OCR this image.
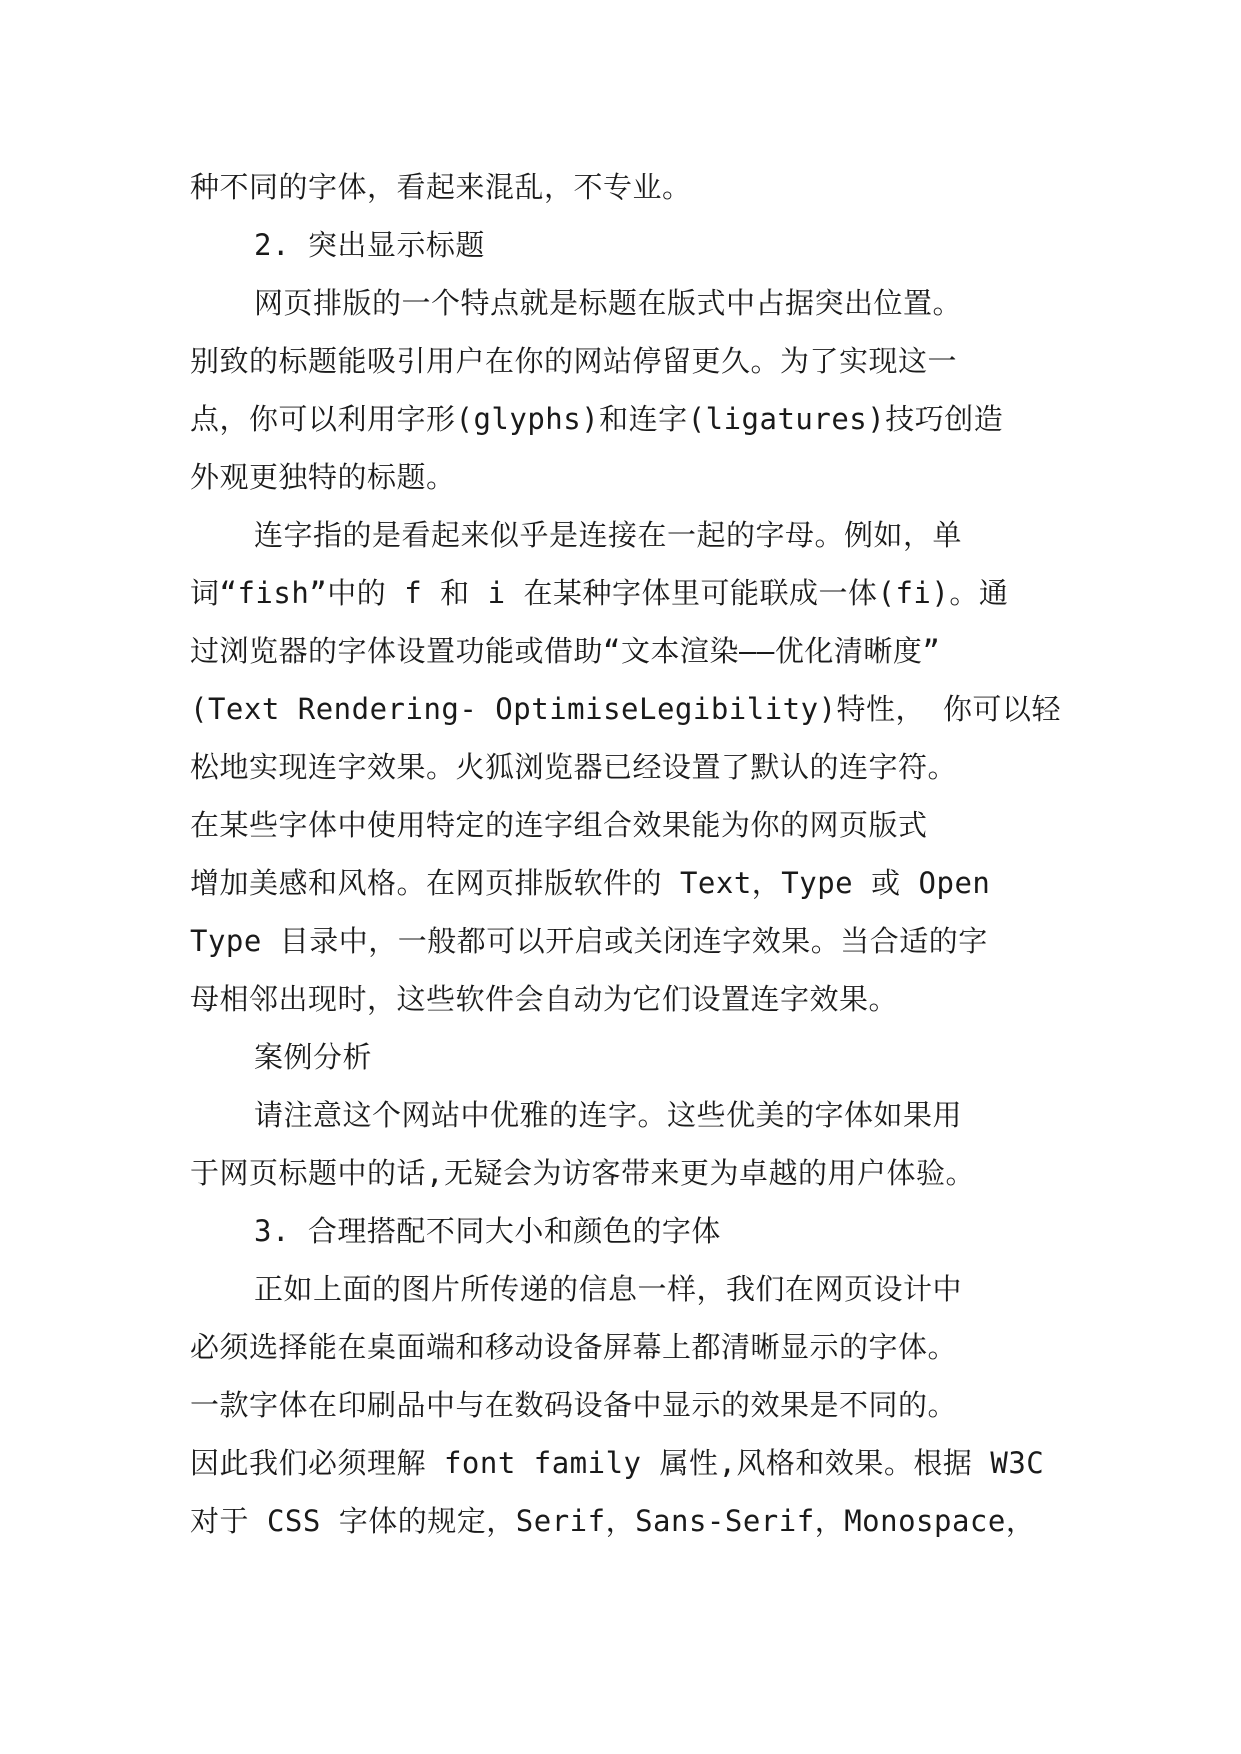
种不同的字体，看起来混乱，不专业。
2. 突出显示标题
网页排版的一个特点就是标题在版式中占据突出位置。
别致的标题能吸引用户在你的网站停留更久。为了实现这一
点，你可以利用字形(glyphs)和连字(ligatures)技巧创造
外观更独特的标题。
连字指的是看起来似乎是连接在一起的字母。例如，单
词“fish”中的 f 和 i 在某种字体里可能联成一体(fi)。通
过浏览器的字体设置功能或借助“文本渲染——优化清晰度”
(Text Rendering- OptimiseLegibility)特性， 你可以轻
松地实现连字效果。火狐浏览器已经设置了默认的连字符。
在某些字体中使用特定的连字组合效果能为你的网页版式
增加美感和风格。在网页排版软件的 Text，Type 或 Open
Type 目录中，一般都可以开启或关闭连字效果。当合适的字
母相邻出现时，这些软件会自动为它们设置连字效果。
案例分析
请注意这个网站中优雅的连字。这些优美的字体如果用
于网页标题中的话,无疑会为访客带来更为卓越的用户体验。
3. 合理搭配不同大小和颜色的字体
正如上面的图片所传递的信息一样，我们在网页设计中
必须选择能在桌面端和移动设备屏幕上都清晰显示的字体。
一款字体在印刷品中与在数码设备中显示的效果是不同的。
因此我们必须理解 font family 属性,风格和效果。根据 W3C
对于 CSS 字体的规定，Serif，Sans-Serif，Monospace，
